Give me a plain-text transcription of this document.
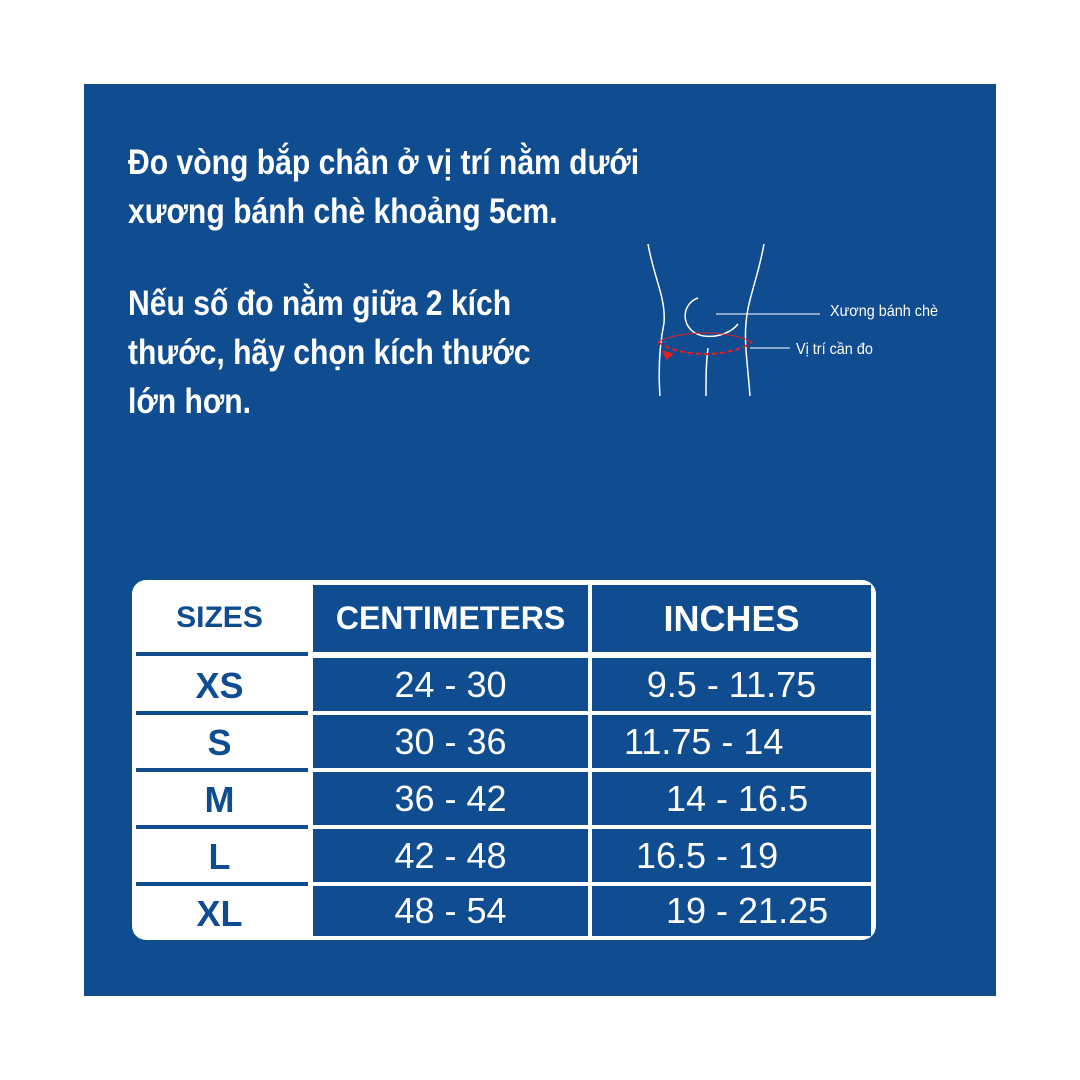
Đo vòng bắp chân ở vị trí nằm dưới
xương bánh chè khoảng 5cm.
Nếu số đo nằm giữa 2 kích
thước, hãy chọn kích thước
lớn hơn.
Xương bánh chè
Vị trí cần đo
SIZES	CENTIMETERS	INCHES
XS	24 - 30	9.5 - 11.75
S	30 - 36	11.75 - 14
M	36 - 42	14 - 16.5
L	42 - 48	16.5 - 19
XL	48 - 54	19 - 21.25
